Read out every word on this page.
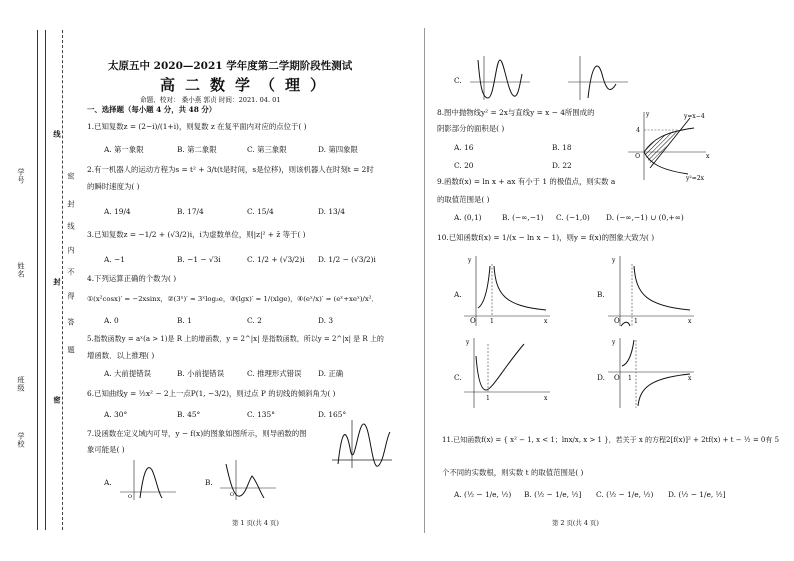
学号
姓名
班级
学校
密
封
线
内
不
得
答
题
线
封
密
太原五中 2020—2021 学年度第二学期阶段性测试
高二数学（理）
命题、校对： 桑小燕 郭贞 时间：2021. 04. 01
一、选择题（每小题 4 分，共 48 分）
1.已知复数z = (2−i)/(1+i)，则复数 z 在复平面内对应的点位于( )
A. 第一象限	B. 第二象限	C. 第三象限	D. 第四象限
2.有一机器人的运动方程为s = t² + 3/t(t是时间，s是位移)，则该机器人在时刻t = 2时
的瞬时速度为( )
A. 19/4	B. 17/4	C. 15/4	D. 13/4
3.已知复数z = −1/2 + (√3/2)i，i为虚数单位，则|z|² + z̄ 等于( )
A. −1	B. −1 − √3i	C. 1/2 + (√3/2)i D. 1/2 − (√3/2)i
4.下列运算正确的个数为( )
①(x²cosx)′ = −2xsinx，②(3ˣ)′ = 3ˣlog₃e，③(lgx)′ = 1/(xlge)，④(eˣ/x)′ = (eˣ+xeˣ)/x²．
A. 0	B. 1	C. 2	D. 3
5.指数函数y = aˣ(a > 1)是 R 上的增函数，y = 2^|x| 是指数函数，所以y = 2^|x| 是 R 上的
增函数．以上推理( )
A. 大前提错误	B. 小前提错误	C. 推理形式错误 D. 正确
6.已知曲线y = ½x² − 2上一点P(1, −3/2)，则过点 P 的切线的倾斜角为( )
A. 30°	B. 45°	C. 135°	D. 165°
7.设函数在定义域内可导，y − f(x)的图象如图所示，则导函数的图
象可能是( )
A.
O
B.
O
第 1 页(共 4 页)
C.
8.图中抛物线y² = 2x与直线y = x − 4所围成的
阴影部分的面积是( )
A. 16	B. 18
C. 20	D. 22
4
O	x
y	y=x−4
y²=2x
9.函数f(x) = ln x + ax 有小于 1 的极值点，则实数 a
的取值范围是( )
A. (0,1)	B. (−∞,−1) C. (−1,0) D. (−∞,−1) ∪ (0,+∞)
10.已知函数f(x) = 1/(x − ln x − 1)，则y = f(x)的图象大致为( )
A.
O 1	x
y
B.
O 1	x
y
C.
1	x
y
D. O 1	x
y
11.已知函数f(x) = { x² − 1, x < 1；lnx/x, x > 1 }，若关于 x 的方程2[f(x)]² + 2tf(x) + t − ½ = 0有 5
个不同的实数根，则实数 t 的取值范围是( )
A. (½ − 1/e, ½) B. (½ − 1/e, ½] C. (½ − 1/e, ½) D. (½ − 1/e, ½]
第 2 页(共 4 页)
